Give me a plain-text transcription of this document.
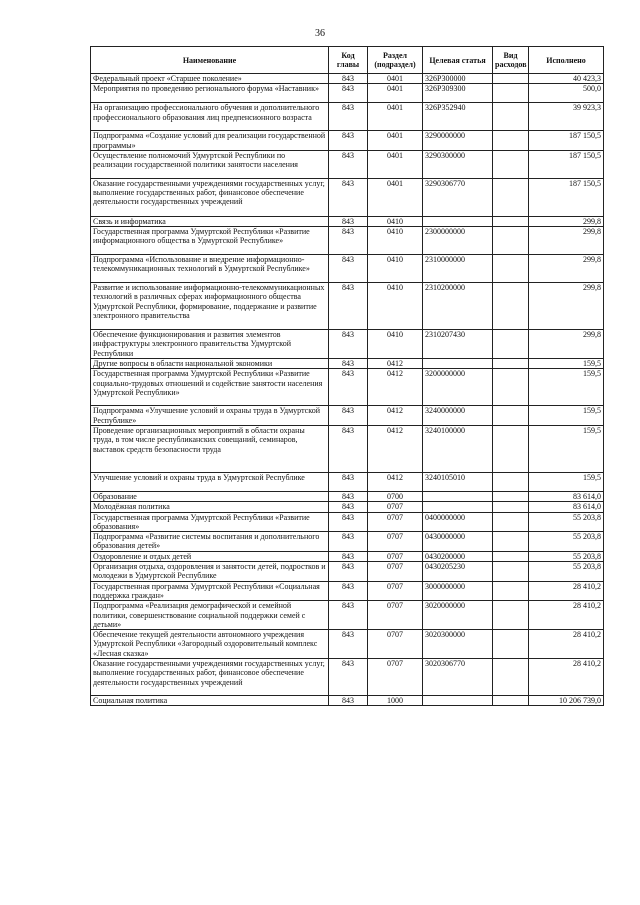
36
Наименование	Код главы	Раздел (подраздел)	Целевая статья	Вид расходов	Исполнено
Федеральный проект «Старшее поколение»	843	0401	326P300000		40 423,3
Мероприятия по проведению регионального форума «Наставник»	843	0401	326P309300		500,0
На организацию профессионального обучения и дополнительного профессионального образования лиц предпенсионного возраста	843	0401	326P352940		39 923,3
Подпрограмма «Создание условий для реализации государственной программы»	843	0401	3290000000		187 150,5
Осуществление полномочий Удмуртской Республики по реализации государственной политики занятости населения	843	0401	3290300000		187 150,5
Оказание государственными учреждениями государственных услуг, выполнение государственных работ, финансовое обеспечение деятельности государственных учреждений	843	0401	3290306770		187 150,5
Связь и информатика	843	0410			299,8
Государственная программа Удмуртской Республики «Развитие информационного общества в Удмуртской Республике»	843	0410	2300000000		299,8
Подпрограмма «Использование и внедрение информационно-телекоммуникационных технологий в Удмуртской Республике»	843	0410	2310000000		299,8
Развитие и использование информационно-телекоммуникационных технологий в различных сферах информационного общества Удмуртской Республики, формирование, поддержание и развитие электронного правительства	843	0410	2310200000		299,8
Обеспечение функционирования и развития элементов инфраструктуры электронного правительства Удмуртской Республики	843	0410	2310207430		299,8
Другие вопросы в области национальной экономики	843	0412			159,5
Государственная программа Удмуртской Республики «Развитие социально-трудовых отношений и содействие занятости населения Удмуртской Республики»	843	0412	3200000000		159,5
Подпрограмма «Улучшение условий и охраны труда в Удмуртской Республике»	843	0412	3240000000		159,5
Проведение организационных мероприятий в области охраны труда, в том числе республиканских совещаний, семинаров, выставок средств безопасности труда	843	0412	3240100000		159,5
Улучшение условий и охраны труда в Удмуртской Республике	843	0412	3240105010		159,5
Образование	843	0700			83 614,0
Молодёжная политика	843	0707			83 614,0
Государственная программа Удмуртской Республики «Развитие образования»	843	0707	0400000000		55 203,8
Подпрограмма «Развитие системы воспитания и дополнительного образования детей»	843	0707	0430000000		55 203,8
Оздоровление и отдых детей	843	0707	0430200000		55 203,8
Организация отдыха, оздоровления и занятости детей, подростков и молодежи в Удмуртской Республике	843	0707	0430205230		55 203,8
Государственная программа Удмуртской Республики «Социальная поддержка граждан»	843	0707	3000000000		28 410,2
Подпрограмма «Реализация демографической и семейной политики, совершенствование социальной поддержки семей с детьми»	843	0707	3020000000		28 410,2
Обеспечение текущей деятельности автономного учреждения Удмуртской Республики «Загородный оздоровительный комплекс «Лесная сказка»	843	0707	3020300000		28 410,2
Оказание государственными учреждениями государственных услуг, выполнение государственных работ, финансовое обеспечение деятельности государственных учреждений	843	0707	3020306770		28 410,2
Социальная политика	843	1000			10 206 739,0
